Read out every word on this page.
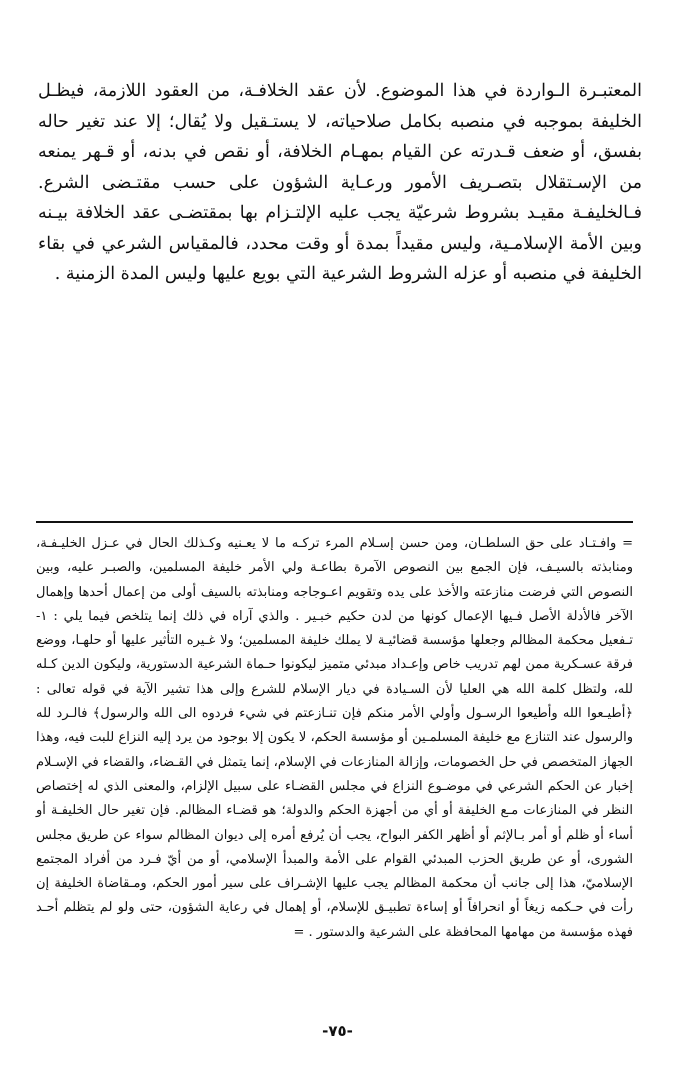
المعتبـرة الـواردة في هذا الموضوع. لأن عقد الخلافـة، من العقود اللازمة، فيظـل الخليفة بموجبه في منصبه بكامل صلاحياته، لا يستـقيل ولا يُقال؛ إلا عند تغير حاله بفسق، أو ضعف قـدرته عن القيام بمهـام الخلافة، أو نقص في بدنه، أو قـهر يمنعه من الإسـتقلال بتصـريف الأمور ورعـاية الشؤون على حسب مقتـضى الشرع. فـالخليفـة مقيـد بشروط شرعيّة يجب عليه الإلتـزام بها بمقتضـى عقد الخلافة بيـنه وبين الأمة الإسلامـية، وليس مقيداً بمدة أو وقت محدد، فالمقياس الشرعي في بقاء الخليفة في منصبه أو عزله الشروط الشرعية التي بويع عليها وليس المدة الزمنية .

= وافـتـاد على حق السلطـان، ومن حسن إسـلام المرء تركـه ما لا يعـنيه وكـذلك الحال في عـزل الخليـفـة، ومنابذته بالسيـف، فإن الجمع بين النصوص الآمرة بطاعـة ولي الأمر خليفة المسلمين، والصبـر عليه، وبين النصوص التي فرضت منازعته والأخذ على يده وتقويم اعـوجاجه ومنابذته بالسيف أولى من إعمال أحدها وإهمال الآخر فالأدلة الأصل فـيها الإعمال كونها من لدن حكيم خبـير . والذي آراه في ذلك إنما يتلخص فيما يلي : ١- تـفعيل محكمة المظالم وجعلها مؤسسة قضائيـة لا يملك خليفة المسلمين؛ ولا غـيره التأثير عليها أو حلهـا، ووضع فرقة عسـكرية ممن لهم تدريب خاص وإعـداد مبدئي متميز ليكونوا حـماة الشرعية الدستورية، وليكون الدين كـله لله، ولتظل كلمة الله هي العليا لأن السـيادة في ديار الإسلام للشرع وإلى هذا تشير الآية في قوله تعالى : ﴿أطيـعوا الله وأطيعوا الرسـول وأولي الأمر منكم فإن تنـازعتم في شيء فردوه الى الله والرسول﴾ فالـرد لله والرسول عند التنازع مع خليفة المسلمـين أو مؤسسة الحكم، لا يكون إلا بوجود من يرد إليه النزاع للبت فيه، وهذا الجهاز المتخصص في حل الخصومات، وإزالة المنازعات في الإسلام، إنما يتمثل في القـضاء، والقضاء في الإسـلام إخبار عن الحكم الشرعي في موضـوع النزاع في مجلس القضـاء على سبيل الإلزام، والمعنى الذي له إختصاص النظر في المنازعات مـع الخليفة أو أي من أجهزة الحكم والدولة؛ هو قضـاء المظالم. فإن تغير حال الخليفـة أو أساء أو ظلم أو أمر بـالإثم أو أظهر الكفر البواح، يجب أن يُرفع أمره إلى ديوان المظالم سواء عن طريق مجلس الشورى، أو عن طريق الحزب المبدئي القوام على الأمة والمبدأ الإسلامي، أو من أيّ فـرد من أفراد المجتمع الإسلاميّ، هذا إلى جانب أن محكمة المظالم يجب عليها الإشـراف على سير أمور الحكم، ومـقاضاة الخليفة إن رأت في حـكمه زيغاً أو انحرافاً أو إساءة تطبيـق للإسلام، أو إهمال في رعاية الشؤون، حتى ولو لم يتظلم أحـد فهذه مؤسسة من مهامها المحافظة على الشرعية والدستور . =

-٧٥-
